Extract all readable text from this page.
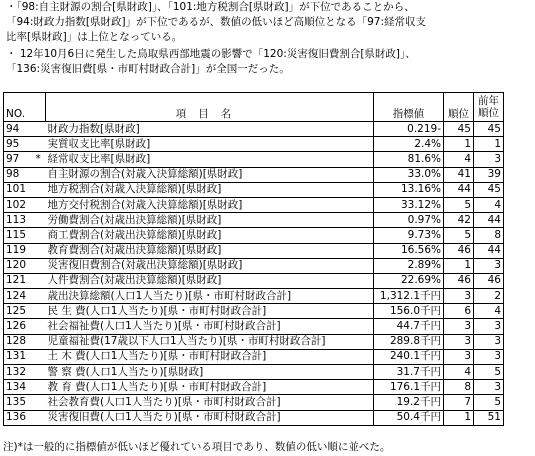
・「98:自主財源の割合[県財政]」、「101:地方税割合[県財政]」が下位であることから、
「94:財政力指数[県財政]」が下位であるが、数値の低いほど高順位となる「97:経常収支
比率[県財政]」は上位となっている。
・ 12年10月6日に発生した鳥取県西部地震の影響で「120:災害復旧費割合[県財政]」、
「136:災害復旧費[県・市町村財政合計]」が全国一だった。
NO.		項目名	指標値	順位	前年順位
94		財政力指数[県財政]	0.219-	45	45
95		実質収支比率[県財政]	2.4%	1	1
97	*	経常収支比率[県財政]	81.6%	4	3
98		自主財源の割合(対歳入決算総額)[県財政]	33.0%	41	39
101		地方税割合(対歳入決算総額)[県財政]	13.16%	44	45
102		地方交付税割合(対歳入決算総額)[県財政]	33.12%	5	4
113		労働費割合(対歳出決算総額)[県財政]	0.97%	42	44
115		商工費割合(対歳出決算総額)[県財政]	9.73%	5	8
119		教育費割合(対歳出決算総額)[県財政]	16.56%	46	44
120		災害復旧費割合(対歳出決算総額)[県財政]	2.89%	1	3
121		人件費割合(対歳出決算総額)[県財政]	22.69%	46	46
124		歳出決算総額(人口1人当たり)[県・市町村財政合計]	1,312.1千円	3	2
125		民 生 費(人口1人当たり)[県・市町村財政合計]	156.0千円	6	4
126		社会福祉費(人口1人当たり)[県・市町村財政合計]	44.7千円	3	3
128		児童福祉費(17歳以下人口1人当たり)[県・市町村財政合計]	289.8千円	3	3
131		土 木 費(人口1人当たり)[県・市町村財政合計]	240.1千円	3	3
132		警 察 費(人口1人当たり)[県財政]	31.7千円	4	5
134		教 育 費(人口1人当たり)[県・市町村財政合計]	176.1千円	8	3
135		社会教育費(人口1人当たり)[県・市町村財政合計]	19.2千円	7	5
136		災害復旧費(人口1人当たり)[県・市町村財政合計]	50.4千円	1	51
注)*は一般的に指標値が低いほど優れている項目であり、数値の低い順に並べた。
